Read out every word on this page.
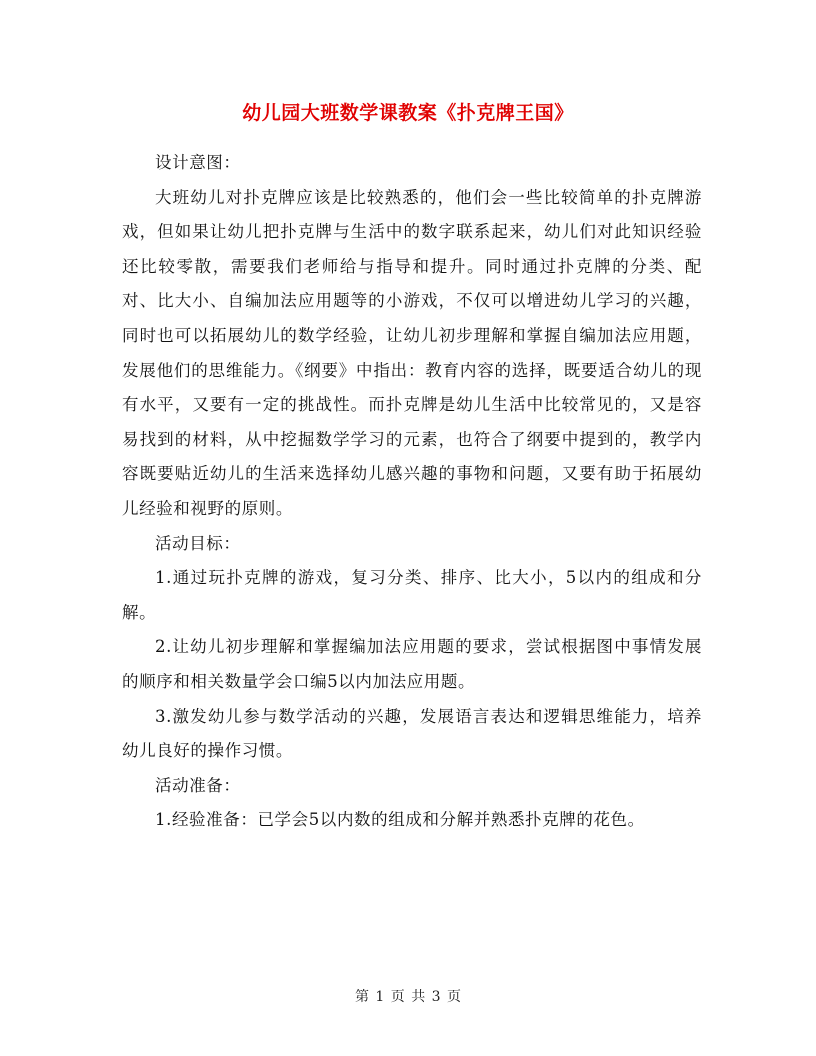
幼儿园大班数学课教案《扑克牌王国》

设计意图：

大班幼儿对扑克牌应该是比较熟悉的，他们会一些比较简单的扑克牌游戏，但如果让幼儿把扑克牌与生活中的数字联系起来，幼儿们对此知识经验还比较零散，需要我们老师给与指导和提升。同时通过扑克牌的分类、配对、比大小、自编加法应用题等的小游戏，不仅可以增进幼儿学习的兴趣，同时也可以拓展幼儿的数学经验，让幼儿初步理解和掌握自编加法应用题，发展他们的思维能力。《纲要》中指出：教育内容的选择，既要适合幼儿的现有水平，又要有一定的挑战性。而扑克牌是幼儿生活中比较常见的，又是容易找到的材料，从中挖掘数学学习的元素，也符合了纲要中提到的，教学内容既要贴近幼儿的生活来选择幼儿感兴趣的事物和问题，又要有助于拓展幼儿经验和视野的原则。

活动目标：

1.通过玩扑克牌的游戏，复习分类、排序、比大小，5以内的组成和分解。

2.让幼儿初步理解和掌握编加法应用题的要求，尝试根据图中事情发展的顺序和相关数量学会口编5以内加法应用题。

3.激发幼儿参与数学活动的兴趣，发展语言表达和逻辑思维能力，培养幼儿良好的操作习惯。

活动准备：

1.经验准备：已学会5以内数的组成和分解并熟悉扑克牌的花色。

第 1 页 共 3 页
